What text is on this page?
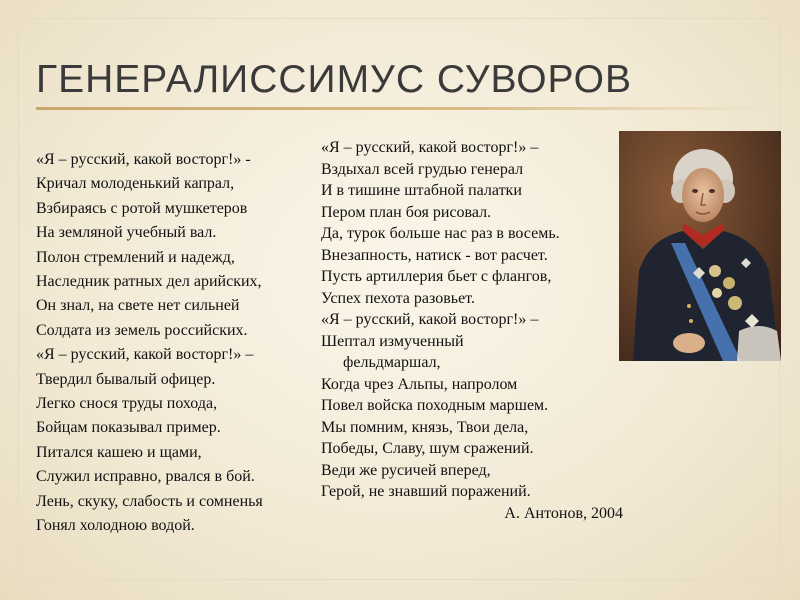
ГЕНЕРАЛИССИМУС СУВОРОВ
«Я – русский, какой восторг!» -
Кричал молоденький капрал,
Взбираясь с ротой мушкетеров
На земляной учебный вал.
Полон стремлений и надежд,
Наследник ратных дел арийских,
Он знал, на свете нет сильней
Солдата из земель российских.
«Я – русский, какой восторг!» –
Твердил бывалый офицер.
Легко снося труды похода,
Бойцам показывал пример.
Питался кашею и щами,
Служил исправно, рвался в бой.
Лень, скуку, слабость и сомненья
Гонял холодною водой.
«Я – русский, какой восторг!» –
Вздыхал всей грудью генерал
И в тишине штабной палатки
Пером план боя рисовал.
Да, турок больше нас раз в восемь.
Внезапность, натиск - вот расчет.
Пусть артиллерия бьет с флангов,
Успех пехота разовьет.
«Я – русский, какой восторг!» –
Шептал измученный
фельдмаршал,
Когда чрез Альпы, напролом
Повел войска походным маршем.
Мы помним, князь, Твои дела,
Победы, Славу, шум сражений.
Веди же русичей вперед,
Герой, не знавший поражений.
А. Антонов, 2004
